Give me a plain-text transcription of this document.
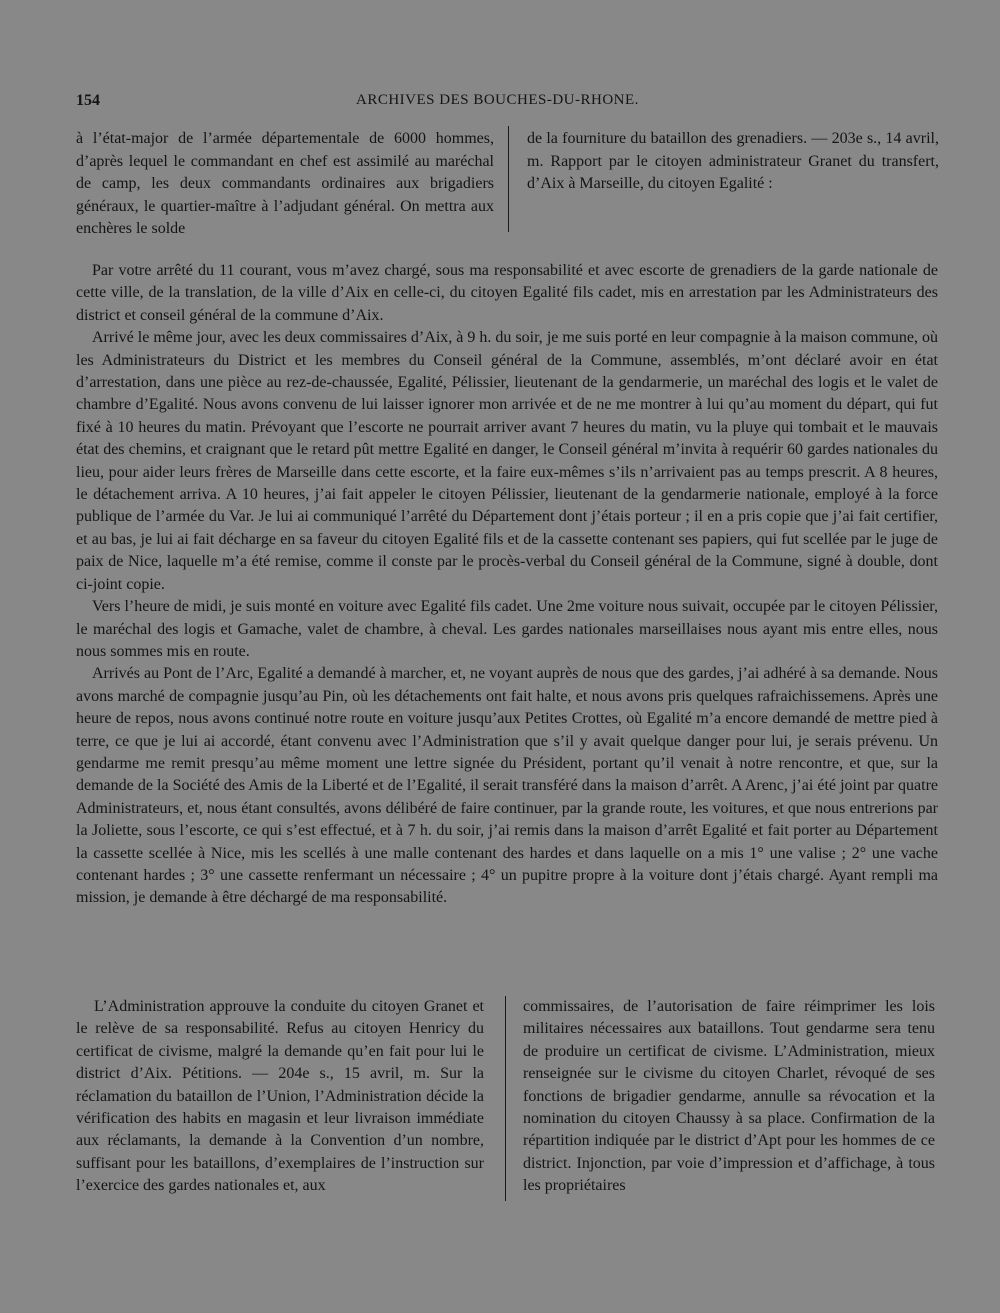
154	ARCHIVES DES BOUCHES-DU-RHONE.

à l’état-major de l’armée départementale de 6000 hommes, d’après lequel le commandant en chef est assimilé au maréchal de camp, les deux commandants ordinaires aux brigadiers généraux, le quartier-maître à l’adjudant général. On mettra aux enchères le solde

de la fourniture du bataillon des grenadiers. — 203e s., 14 avril, m. Rapport par le citoyen administrateur Granet du transfert, d’Aix à Marseille, du citoyen Egalité :

Par votre arrêté du 11 courant, vous m’avez chargé, sous ma responsabilité et avec escorte de grenadiers de la garde nationale de cette ville, de la translation, de la ville d’Aix en celle-ci, du citoyen Egalité fils cadet, mis en arrestation par les Administrateurs des district et conseil général de la commune d’Aix.

Arrivé le même jour, avec les deux commissaires d’Aix, à 9 h. du soir, je me suis porté en leur compagnie à la maison commune, où les Administrateurs du District et les membres du Conseil général de la Commune, assemblés, m’ont déclaré avoir en état d’arrestation, dans une pièce au rez-de-chaussée, Egalité, Pélissier, lieutenant de la gendarmerie, un maréchal des logis et le valet de chambre d’Egalité. Nous avons convenu de lui laisser ignorer mon arrivée et de ne me montrer à lui qu’au moment du départ, qui fut fixé à 10 heures du matin. Prévoyant que l’escorte ne pourrait arriver avant 7 heures du matin, vu la pluye qui tombait et le mauvais état des chemins, et craignant que le retard pût mettre Egalité en danger, le Conseil général m’invita à requérir 60 gardes nationales du lieu, pour aider leurs frères de Marseille dans cette escorte, et la faire eux-mêmes s’ils n’arrivaient pas au temps prescrit. A 8 heures, le détachement arriva. A 10 heures, j’ai fait appeler le citoyen Pélissier, lieutenant de la gendarmerie nationale, employé à la force publique de l’armée du Var. Je lui ai communiqué l’arrêté du Département dont j’étais porteur ; il en a pris copie que j’ai fait certifier, et au bas, je lui ai fait décharge en sa faveur du citoyen Egalité fils et de la cassette contenant ses papiers, qui fut scellée par le juge de paix de Nice, laquelle m’a été remise, comme il conste par le procès-verbal du Conseil général de la Commune, signé à double, dont ci-joint copie.

Vers l’heure de midi, je suis monté en voiture avec Egalité fils cadet. Une 2me voiture nous suivait, occupée par le citoyen Pélissier, le maréchal des logis et Gamache, valet de chambre, à cheval. Les gardes nationales marseillaises nous ayant mis entre elles, nous nous sommes mis en route.

Arrivés au Pont de l’Arc, Egalité a demandé à marcher, et, ne voyant auprès de nous que des gardes, j’ai adhéré à sa demande. Nous avons marché de compagnie jusqu’au Pin, où les détachements ont fait halte, et nous avons pris quelques rafraichissemens. Après une heure de repos, nous avons continué notre route en voiture jusqu’aux Petites Crottes, où Egalité m’a encore demandé de mettre pied à terre, ce que je lui ai accordé, étant convenu avec l’Administration que s’il y avait quelque danger pour lui, je serais prévenu. Un gendarme me remit presqu’au même moment une lettre signée du Président, portant qu’il venait à notre rencontre, et que, sur la demande de la Société des Amis de la Liberté et de l’Egalité, il serait transféré dans la maison d’arrêt. A Arenc, j’ai été joint par quatre Administrateurs, et, nous étant consultés, avons délibéré de faire continuer, par la grande route, les voitures, et que nous entrerions par la Joliette, sous l’escorte, ce qui s’est effectué, et à 7 h. du soir, j’ai remis dans la maison d’arrêt Egalité et fait porter au Département la cassette scellée à Nice, mis les scellés à une malle contenant des hardes et dans laquelle on a mis 1° une valise ; 2° une vache contenant hardes ; 3° une cassette renfermant un nécessaire ; 4° un pupitre propre à la voiture dont j’étais chargé. Ayant rempli ma mission, je demande à être déchargé de ma responsabilité.

L’Administration approuve la conduite du citoyen Granet et le relève de sa responsabilité. Refus au citoyen Henricy du certificat de civisme, malgré la demande qu’en fait pour lui le district d’Aix. Pétitions. — 204e s., 15 avril, m. Sur la réclamation du bataillon de l’Union, l’Administration décide la vérification des habits en magasin et leur livraison immédiate aux réclamants, la demande à la Convention d’un nombre, suffisant pour les bataillons, d’exemplaires de l’instruction sur l’exercice des gardes nationales et, aux

commissaires, de l’autorisation de faire réimprimer les lois militaires nécessaires aux bataillons. Tout gendarme sera tenu de produire un certificat de civisme. L’Administration, mieux renseignée sur le civisme du citoyen Charlet, révoqué de ses fonctions de brigadier gendarme, annulle sa révocation et la nomination du citoyen Chaussy à sa place. Confirmation de la répartition indiquée par le district d’Apt pour les hommes de ce district. Injonction, par voie d’impression et d’affichage, à tous les propriétaires
